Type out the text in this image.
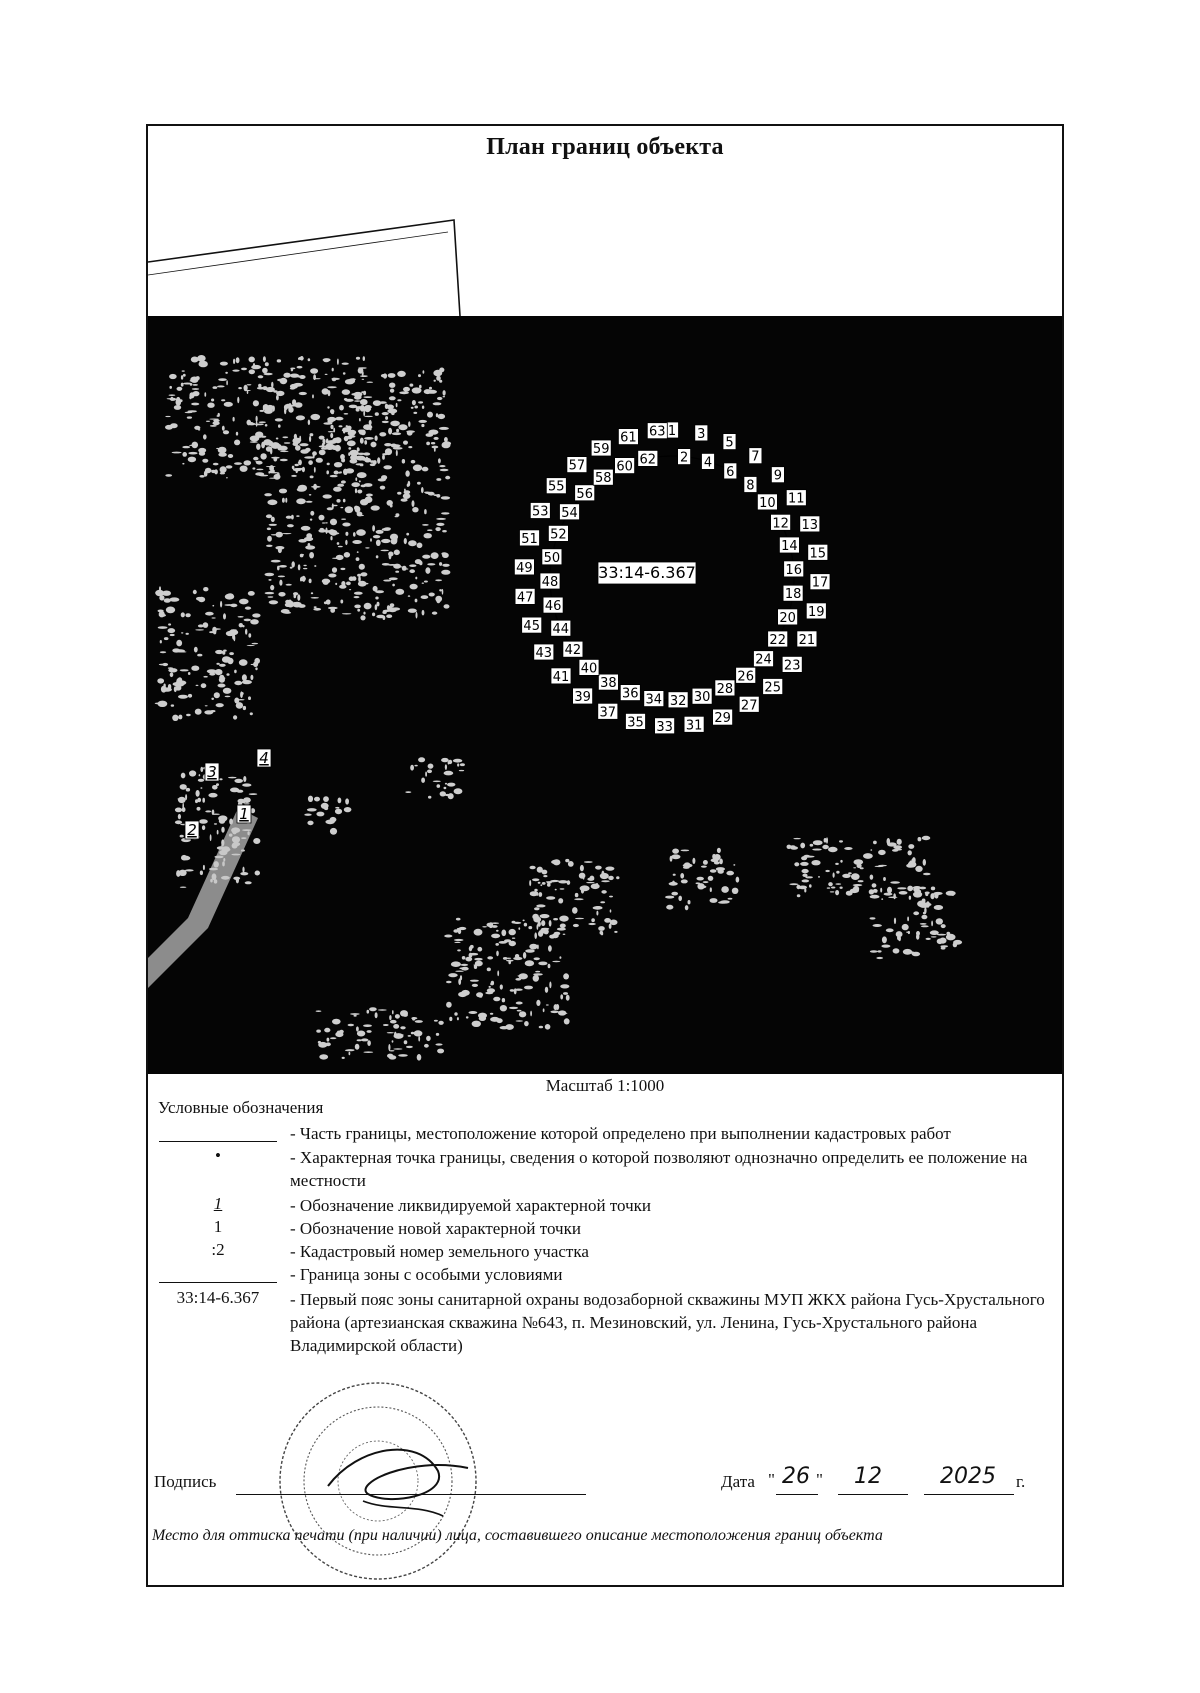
План границ объекта
1
2
3
4
5
6
7
8
9
10 11
12 13
14 15
16
17
18
19
20
21
22
23
24
25
26
27
28
29
30
31
32
33
34
35
36
37
38
39
40
41
42
43
44
45
46
47
48
49
50
51 52
53 54
55 56
57
58
59
60
61
62
63
1
2
3
4
33:14-6.367
Масштаб 1:1000
Условные обозначения
- Часть границы, местоположение которой определено при выполнении кадастровых работ
•	- Характерная точка границы, сведения о которой позволяют однозначно определить ее положение на местности
1	- Обозначение ликвидируемой характерной точки
1	- Обозначение новой характерной точки
:2	- Кадастровый номер земельного участка
- Граница зоны с особыми условиями
33:14-6.367	- Первый пояс зоны санитарной охраны водозаборной скважины МУП ЖКХ района Гусь-Хрустального района (артезианская скважина №643, п. Мезиновский, ул. Ленина, Гусь-Хрустального района Владимирской области)
Подпись	Дата " 26 "	12	2025	г.
Место для оттиска печати (при наличии) лица, составившего описание местоположения границ объекта
